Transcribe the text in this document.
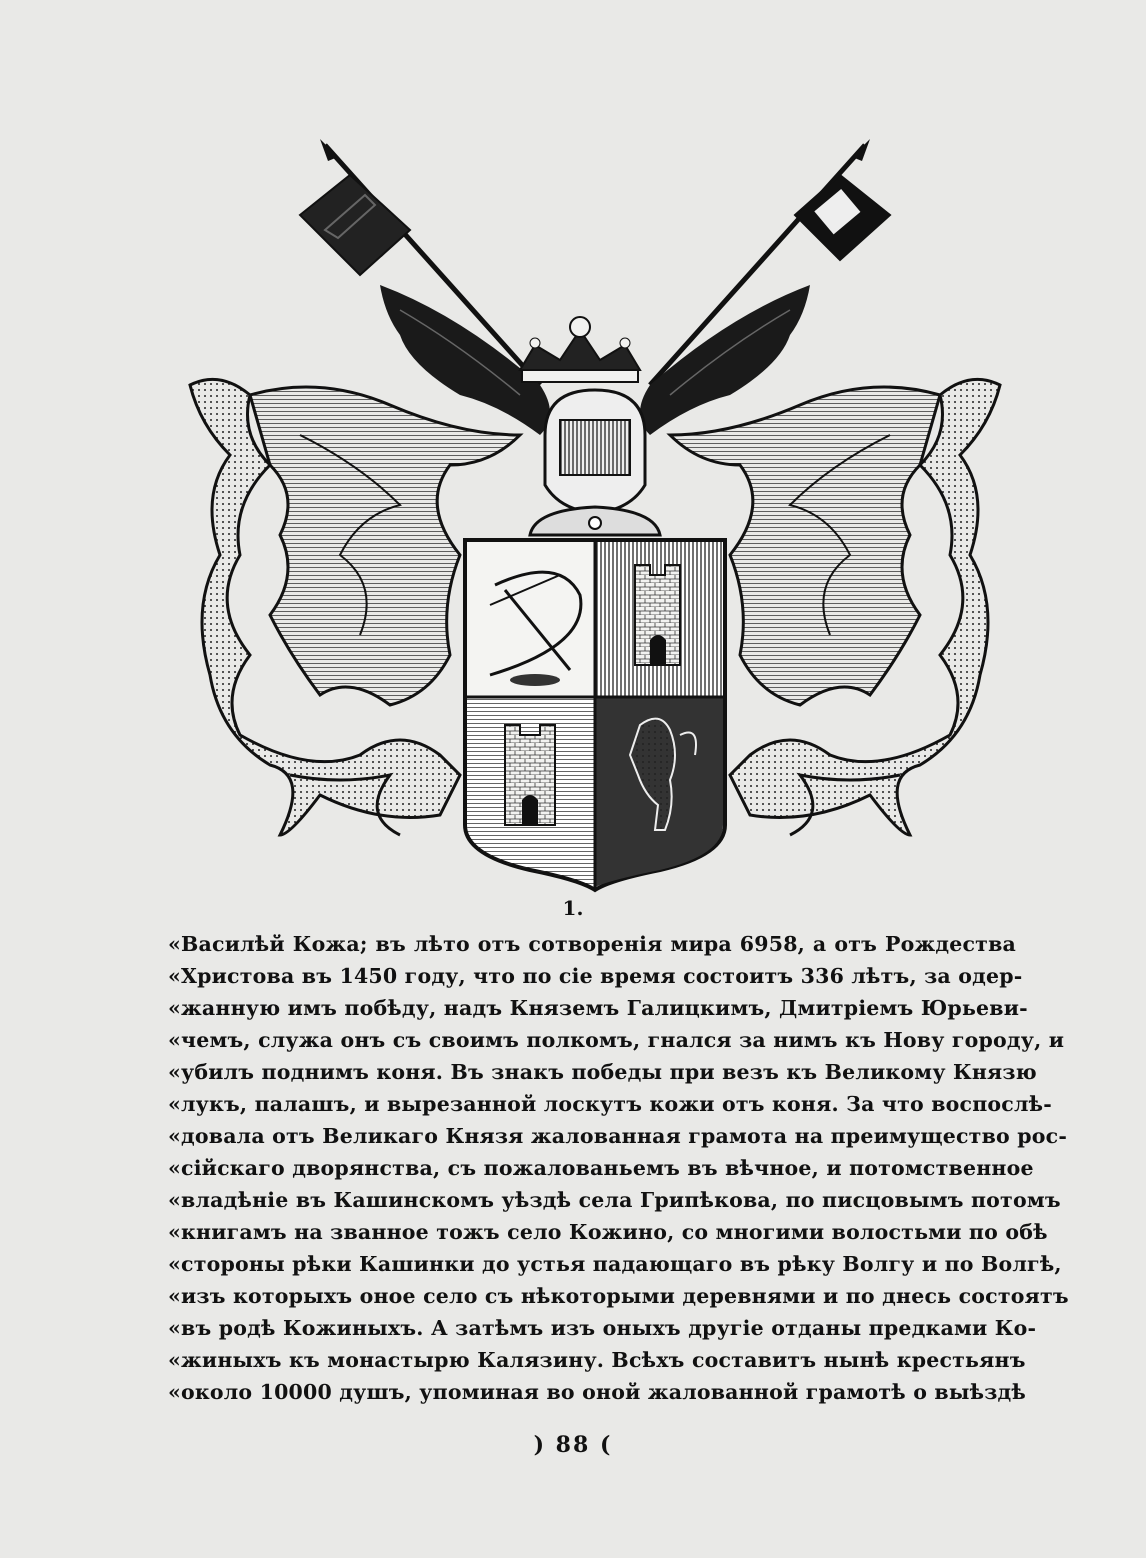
1.
«Василѣй Кожа; въ лѣто отъ сотворенія мира 6958, а отъ Рождества
«Христова въ 1450 году, что по сіе время состоитъ 336 лѣтъ, за одер-
«жанную имъ побѣду, надъ Княземъ Галицкимъ, Дмитріемъ Юрьеви-
«чемъ, служа онъ съ своимъ полкомъ, гнался за нимъ къ Нову городу, и
«убилъ поднимъ коня. Въ знакъ победы при везъ къ Великому Князю
«лукъ, палашъ, и вырезанной лоскутъ кожи отъ коня. За что воспослѣ-
«довала отъ Великаго Князя жалованная грамота на преимущество рос-
«сійскаго дворянства, съ пожалованьемъ въ вѣчное, и потомственное
«владѣніе въ Кашинскомъ уѣздѣ села Грипѣкова, по писцовымъ потомъ
«книгамъ на званное тожъ село Кожино, со многими волостьми по обѣ
«стороны рѣки Кашинки до устья падающаго въ рѣку Волгу и по Волгѣ,
«изъ которыхъ оное село съ нѣкоторыми деревнями и по днесь состоятъ
«въ родѣ Кожиныхъ. А затѣмъ изъ оныхъ другіе отданы предками Ко-
«жиныхъ къ монастырю Калязину. Всѣхъ составитъ нынѣ крестьянъ
«около 10000 душъ, упоминая во оной жалованной грамотѣ о выѣздѣ
) 88 (
